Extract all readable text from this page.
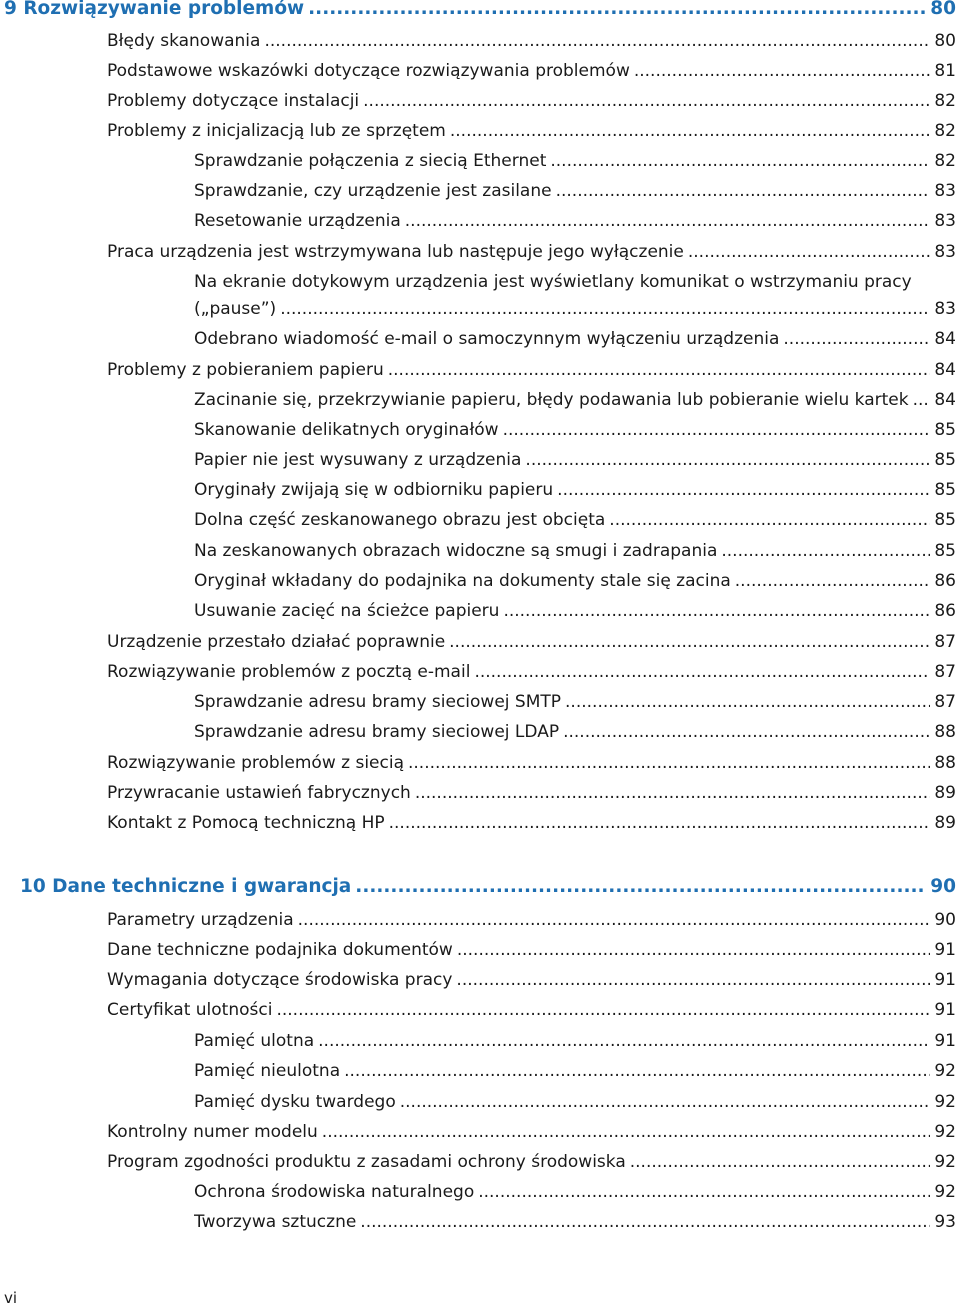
9 Rozwiązywanie problemów .....	80
Błędy skanowania .....	80
Podstawowe wskazówki dotyczące rozwiązywania problemów .....	81
Problemy dotyczące instalacji .....	82
Problemy z inicjalizacją lub ze sprzętem .....	82
Sprawdzanie połączenia z siecią Ethernet .....	82
Sprawdzanie, czy urządzenie jest zasilane .....	83
Resetowanie urządzenia .....	83
Praca urządzenia jest wstrzymywana lub następuje jego wyłączenie .....	83
Na ekranie dotykowym urządzenia jest wyświetlany komunikat o wstrzymaniu pracy
(„pause”) .....	83
Odebrano wiadomość e-mail o samoczynnym wyłączeniu urządzenia .....	84
Problemy z pobieraniem papieru .....	84
Zacinanie się, przekrzywianie papieru, błędy podawania lub pobieranie wielu kartek ..... 84
Skanowanie delikatnych oryginałów .....	85
Papier nie jest wysuwany z urządzenia .....	85
Oryginały zwijają się w odbiorniku papieru .....	85
Dolna część zeskanowanego obrazu jest obcięta .....	85
Na zeskanowanych obrazach widoczne są smugi i zadrapania .....	85
Oryginał wkładany do podajnika na dokumenty stale się zacina .....	86
Usuwanie zacięć na ścieżce papieru .....	86
Urządzenie przestało działać poprawnie .....	87
Rozwiązywanie problemów z pocztą e-mail .....	87
Sprawdzanie adresu bramy sieciowej SMTP .....	87
Sprawdzanie adresu bramy sieciowej LDAP .....	88
Rozwiązywanie problemów z siecią .....	88
Przywracanie ustawień fabrycznych .....	89
Kontakt z Pomocą techniczną HP .....	89
10 Dane techniczne i gwarancja .....	90
Parametry urządzenia .....	90
Dane techniczne podajnika dokumentów .....	91
Wymagania dotyczące środowiska pracy .....	91
Certyfikat ulotności .....	91
Pamięć ulotna .....	91
Pamięć nieulotna .....	92
Pamięć dysku twardego .....	92
Kontrolny numer modelu .....	92
Program zgodności produktu z zasadami ochrony środowiska .....	92
Ochrona środowiska naturalnego .....	92
Tworzywa sztuczne .....	93
vi
